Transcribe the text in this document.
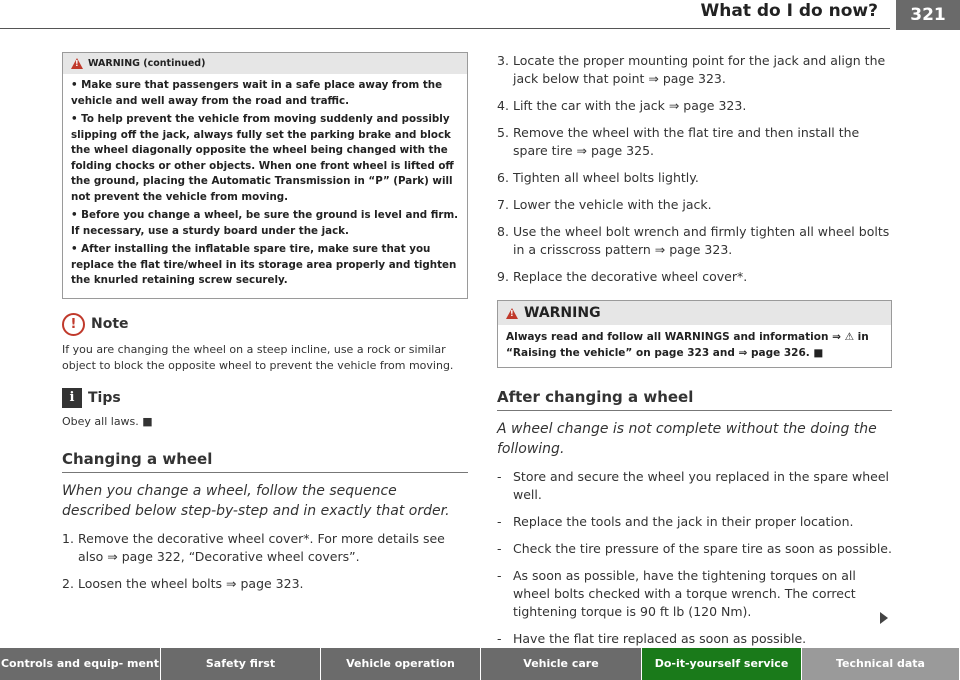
What do I do now?	321
!
WARNING (continued)

• Make sure that passengers wait in a safe place away from the vehicle and well away from the road and traffic.

• To help prevent the vehicle from moving suddenly and possibly slipping off the jack, always fully set the parking brake and block the wheel diagonally opposite the wheel being changed with the folding chocks or other objects. When one front wheel is lifted off the ground, placing the Automatic Transmission in “P” (Park) will not prevent the vehicle from moving.

• Before you change a wheel, be sure the ground is level and firm. If necessary, use a sturdy board under the jack.

• After installing the inflatable spare tire, make sure that you replace the flat tire/wheel in its storage area properly and tighten the knurled retaining screw securely.

!	Note
If you are changing the wheel on a steep incline, use a rock or similar object to block the opposite wheel to prevent the vehicle from moving.
i Tips
Obey all laws. ■
Changing a wheel
When you change a wheel, follow the sequence described below step-by-step and in exactly that order.
1. Remove the decorative wheel cover*. For more details see also ⇒ page 322, “Decorative wheel covers”.
2. Loosen the wheel bolts ⇒ page 323.
3. Locate the proper mounting point for the jack and align the jack below that point ⇒ page 323.
4. Lift the car with the jack ⇒ page 323.
5. Remove the wheel with the flat tire and then install the spare tire ⇒ page 325.
6. Tighten all wheel bolts lightly.
7. Lower the vehicle with the jack.
8. Use the wheel bolt wrench and firmly tighten all wheel bolts in a crisscross pattern ⇒ page 323.
9. Replace the decorative wheel cover*.
!
WARNING
Always read and follow all WARNINGS and information ⇒ ⚠ in “Raising the vehicle” on page 323 and ⇒ page 326. ■
After changing a wheel
A wheel change is not complete without the doing the following.
- Store and secure the wheel you replaced in the spare wheel well.
- Replace the tools and the jack in their proper location.
- Check the tire pressure of the spare tire as soon as possible.
- As soon as possible, have the tightening torques on all wheel bolts checked with a torque wrench. The correct tightening torque is 90 ft lb (120 Nm).
- Have the flat tire replaced as soon as possible.
Controls and equip- ment	Safety first	Vehicle operation	Vehicle care	Do-it-yourself service	Technical data
